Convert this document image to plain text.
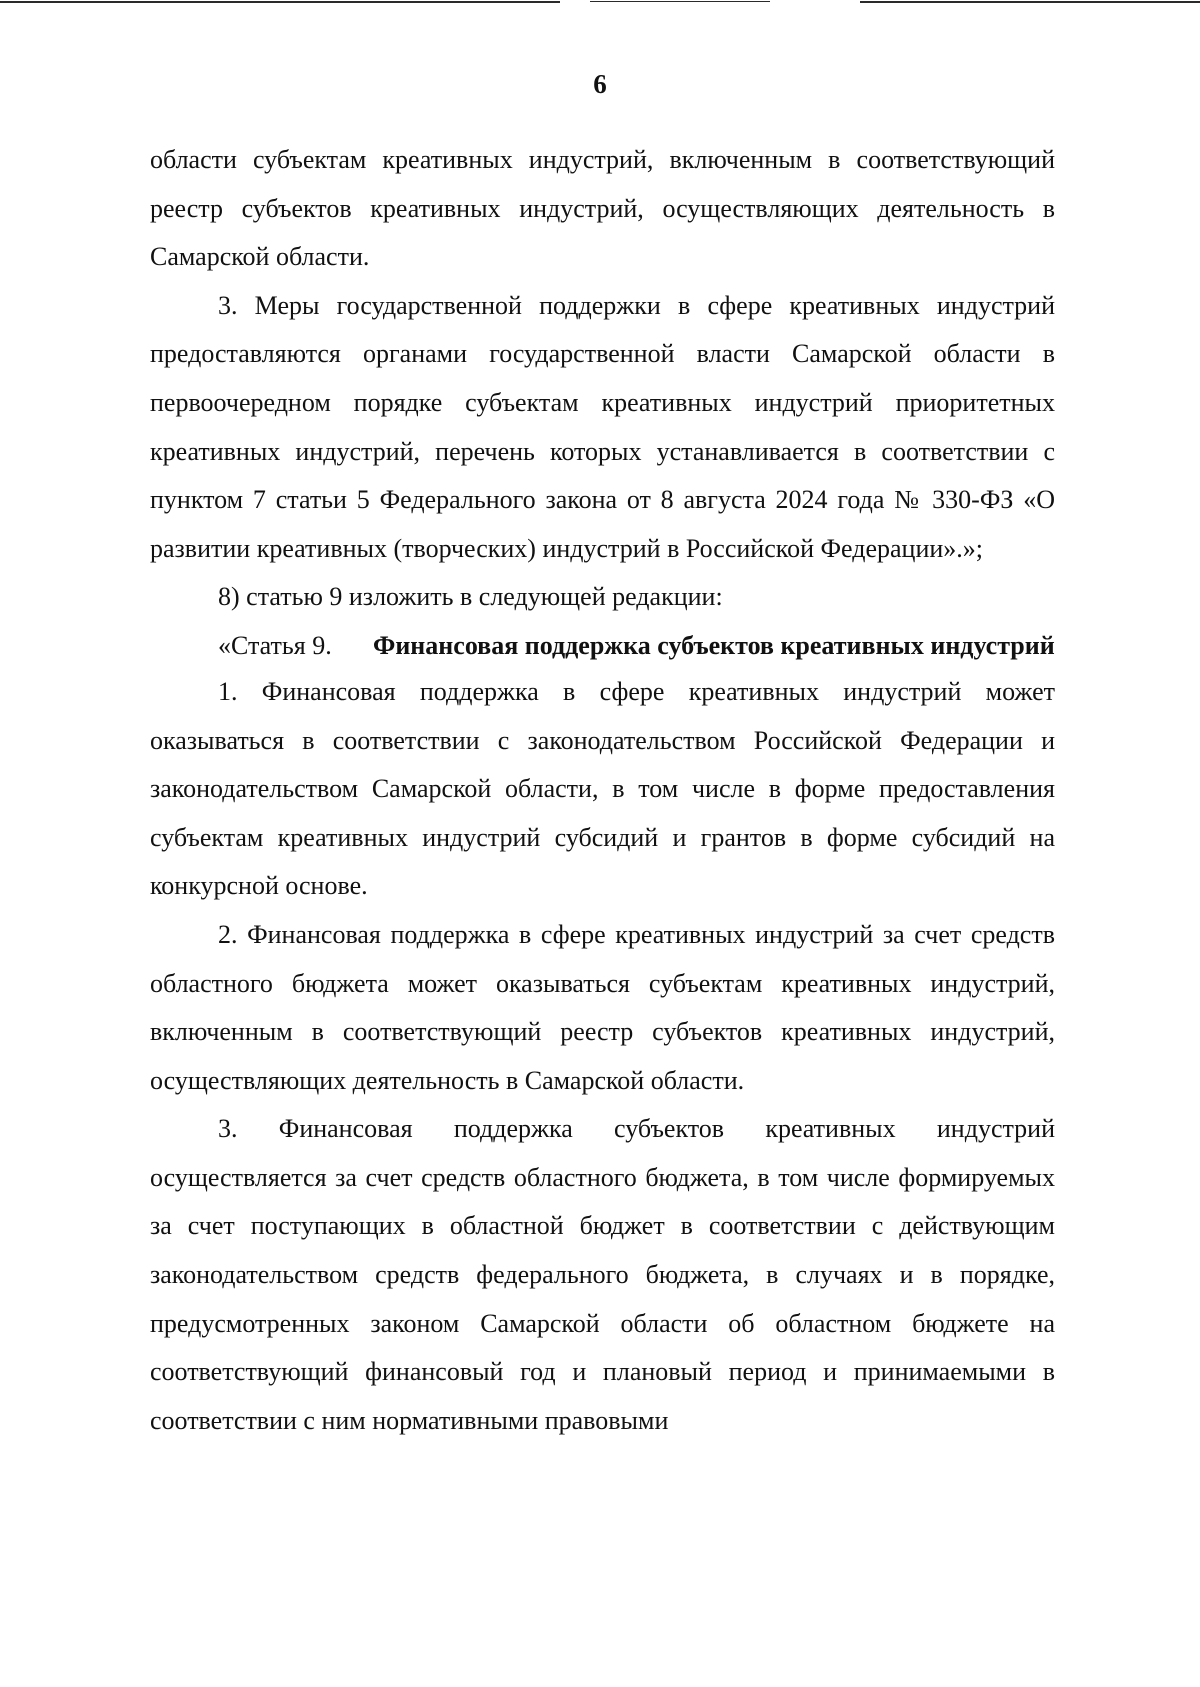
6

области субъектам креативных индустрий, включенным в соответствующий реестр субъектов креативных индустрий, осуществляющих деятельность в Самарской области.

3. Меры государственной поддержки в сфере креативных индустрий предоставляются органами государственной власти Самарской области в первоочередном порядке субъектам креативных индустрий приоритетных креативных индустрий, перечень которых устанавливается в соответствии с пунктом 7 статьи 5 Федерального закона от 8 августа 2024 года № 330-ФЗ «О развитии креативных (творческих) индустрий в Российской Федерации».»;

8) статью 9 изложить в следующей редакции:

«Статья 9.	Финансовая поддержка субъектов креативных индустрий

1. Финансовая поддержка в сфере креативных индустрий может оказываться в соответствии с законодательством Российской Федерации и законодательством Самарской области, в том числе в форме предоставления субъектам креативных индустрий субсидий и грантов в форме субсидий на конкурсной основе.

2. Финансовая поддержка в сфере креативных индустрий за счет средств областного бюджета может оказываться субъектам креативных индустрий, включенным в соответствующий реестр субъектов креативных индустрий, осуществляющих деятельность в Самарской области.

3. Финансовая поддержка субъектов креативных индустрий осуществляется за счет средств областного бюджета, в том числе формируемых за счет поступающих в областной бюджет в соответствии с действующим законодательством средств федерального бюджета, в случаях и в порядке, предусмотренных законом Самарской области об областном бюджете на соответствующий финансовый год и плановый период и принимаемыми в соответствии с ним нормативными правовыми
